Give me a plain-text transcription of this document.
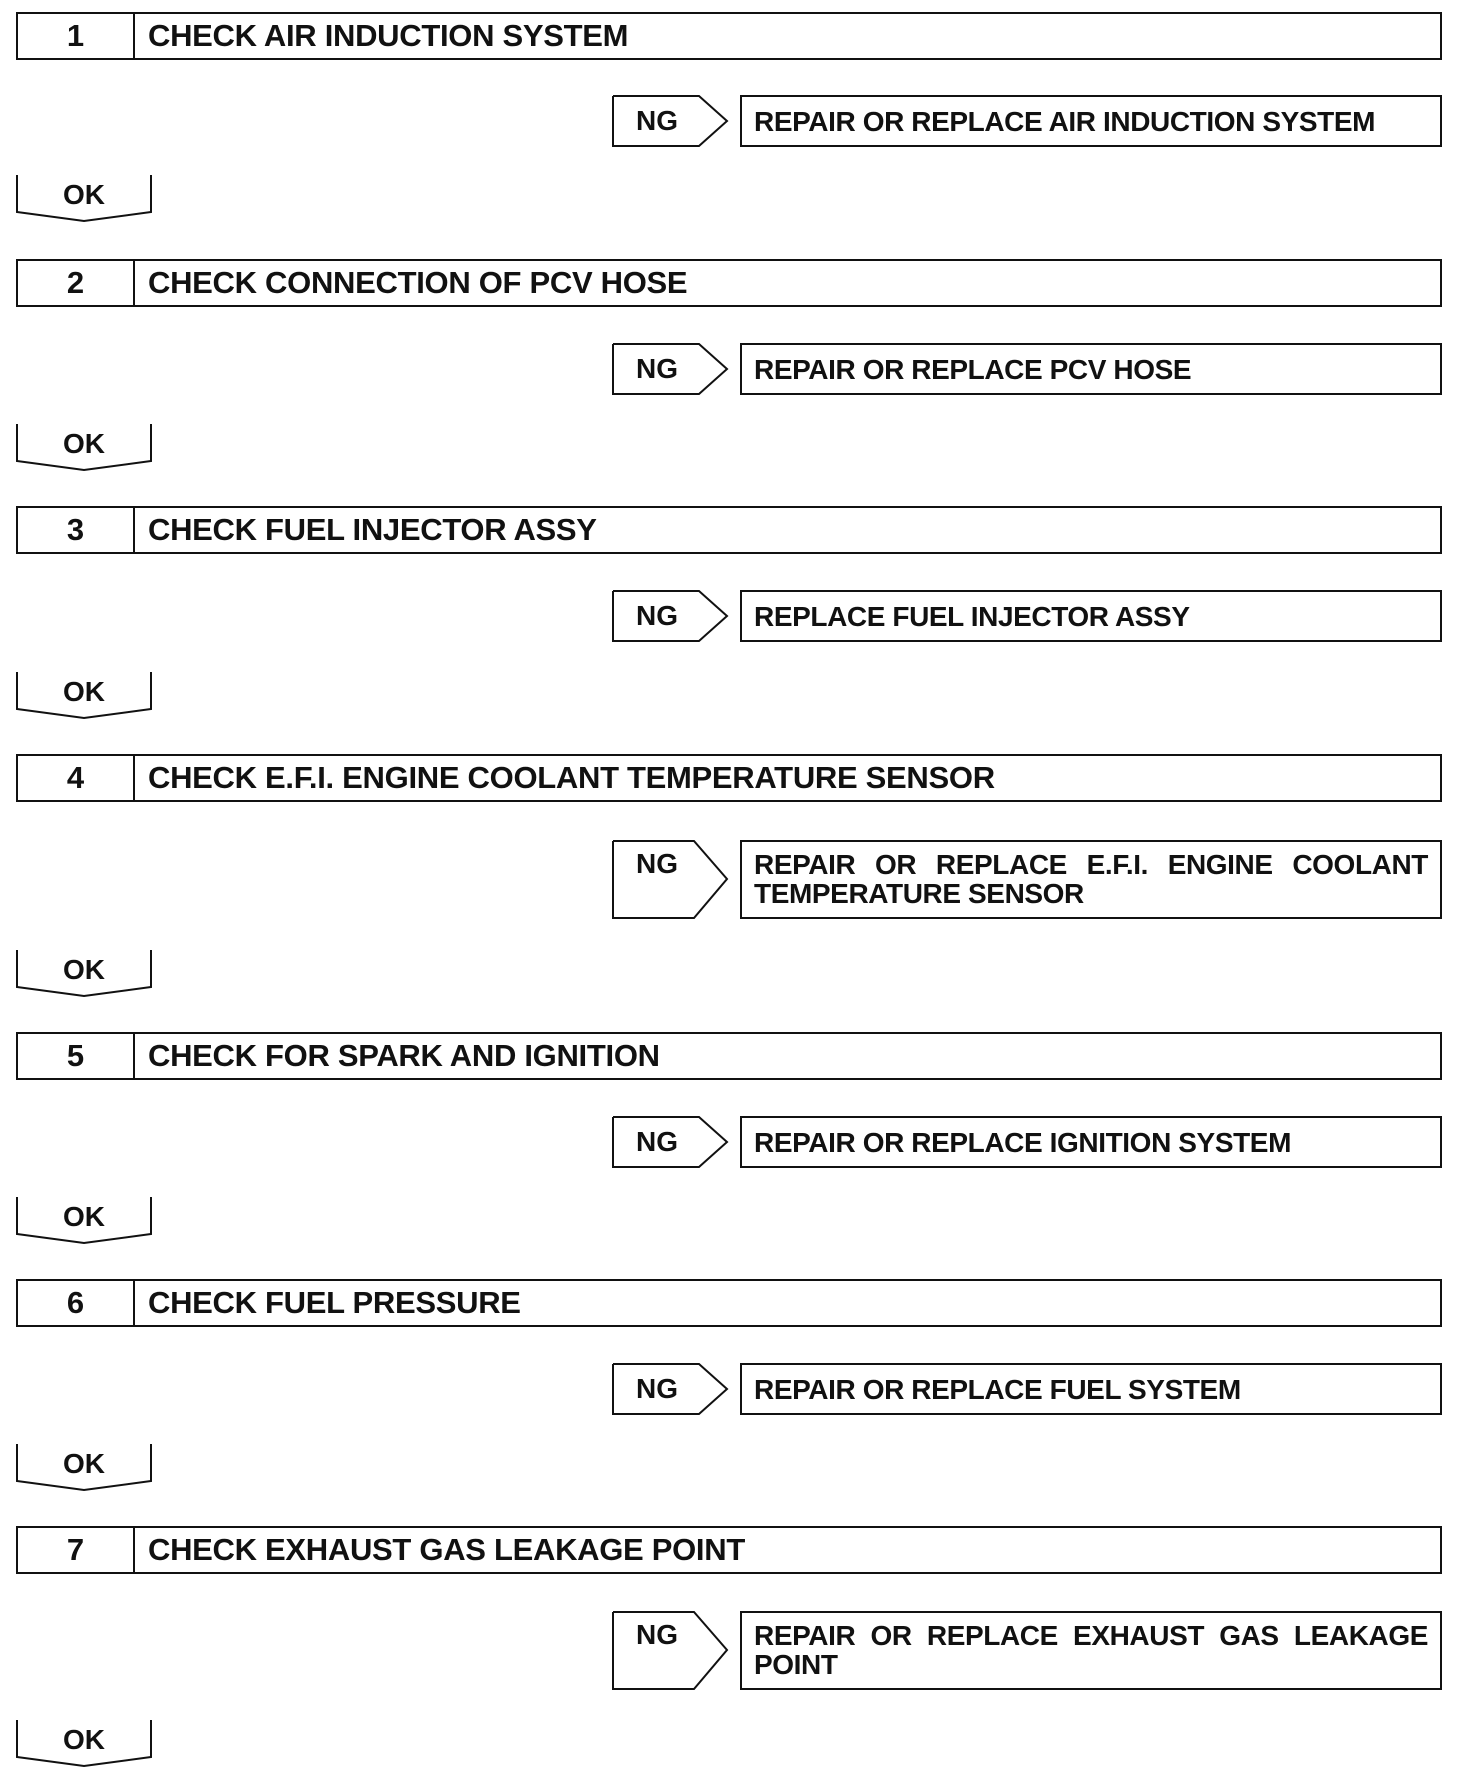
1	CHECK AIR INDUCTION SYSTEM
NG	REPAIR OR REPLACE AIR INDUCTION SYSTEM
OK
2	CHECK CONNECTION OF PCV HOSE
NG	REPAIR OR REPLACE PCV HOSE
OK
3	CHECK FUEL INJECTOR ASSY
NG	REPLACE FUEL INJECTOR ASSY
OK
4	CHECK E.F.I. ENGINE COOLANT TEMPERATURE SENSOR
NG	REPAIR OR REPLACE E.F.I. ENGINE COOLANT TEMPERATURE SENSOR
OK
5	CHECK FOR SPARK AND IGNITION
NG	REPAIR OR REPLACE IGNITION SYSTEM
OK
6	CHECK FUEL PRESSURE
NG	REPAIR OR REPLACE FUEL SYSTEM
OK
7	CHECK EXHAUST GAS LEAKAGE POINT
NG	REPAIR OR REPLACE EXHAUST GAS LEAKAGE POINT
OK
